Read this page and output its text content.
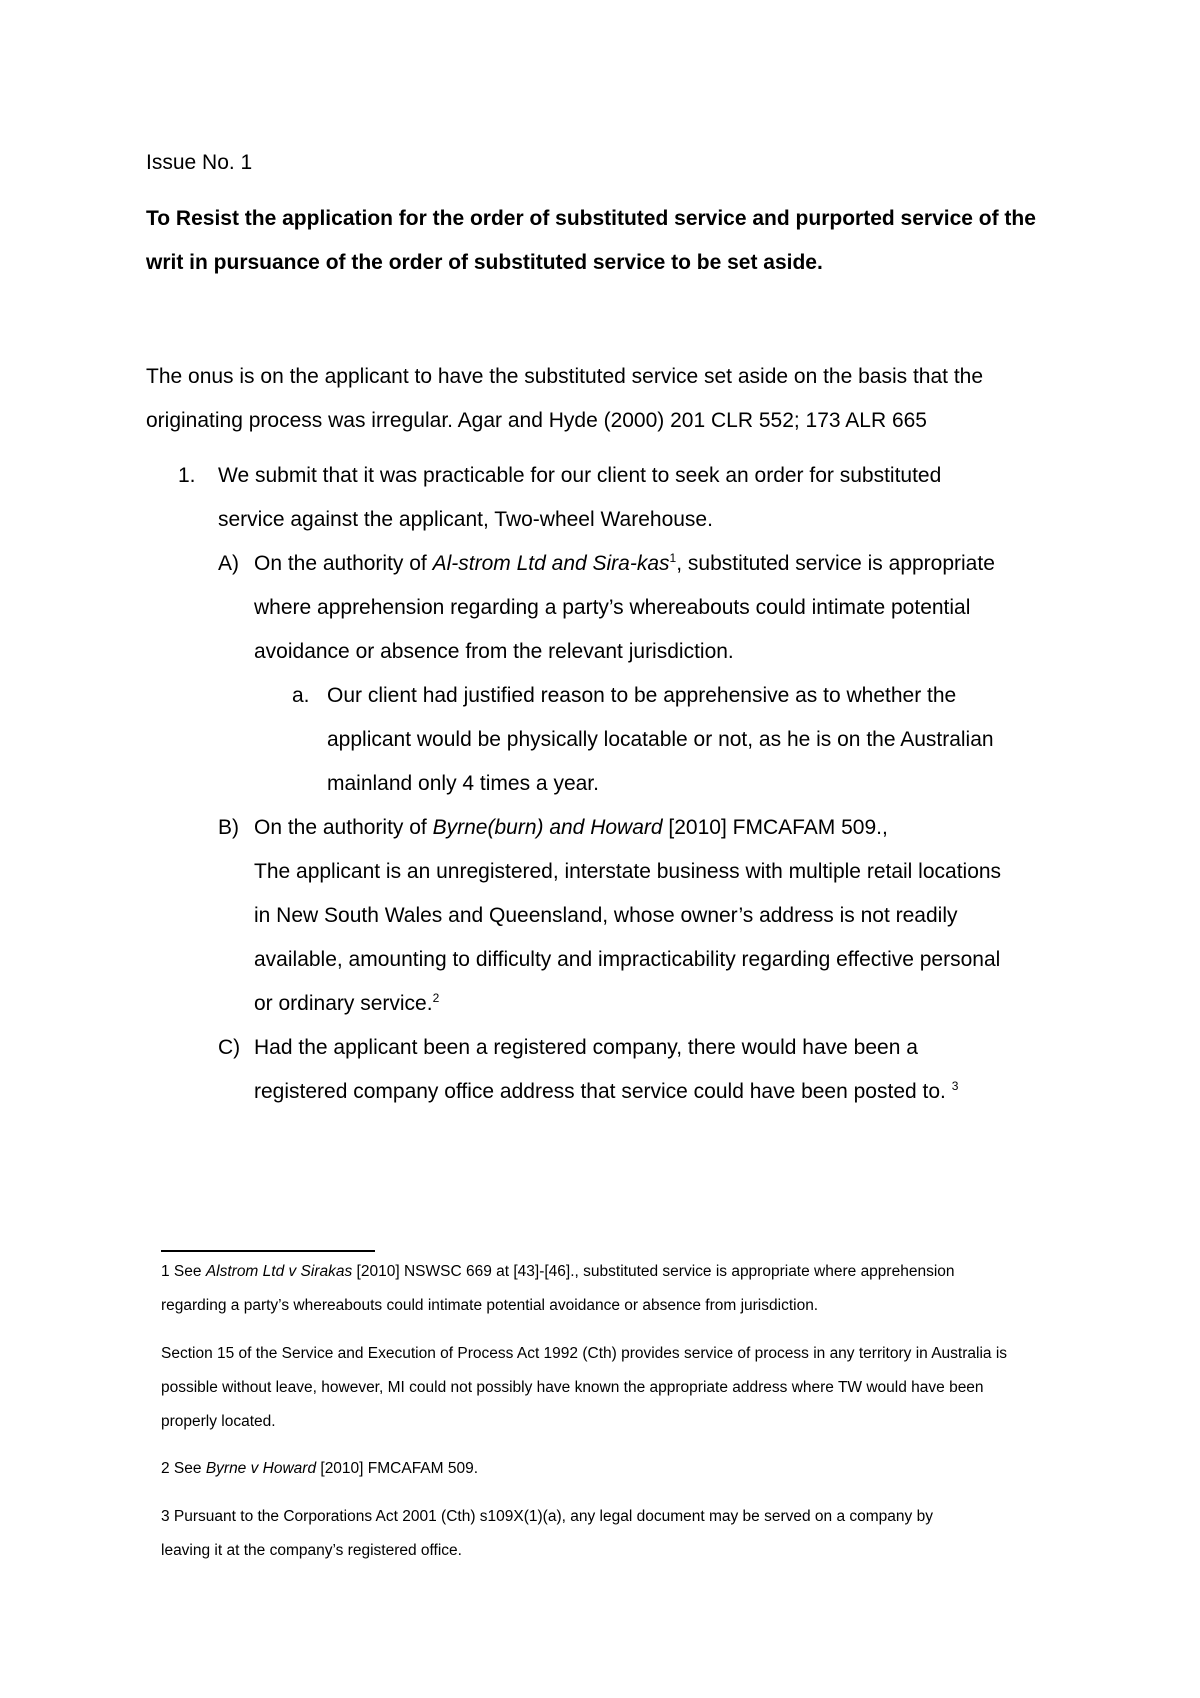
Issue No. 1
To Resist the application for the order of substituted service and purported service of the
writ in pursuance of the order of substituted service to be set aside.
The onus is on the applicant to have the substituted service set aside on the basis that the
originating process was irregular. Agar and Hyde (2000) 201 CLR 552; 173 ALR 665
1. We submit that it was practicable for our client to seek an order for substituted
service against the applicant, Two-wheel Warehouse.
A) On the authority of Al-strom Ltd and Sira-kas$^1$, substituted service is appropriate
where apprehension regarding a party’s whereabouts could intimate potential
avoidance or absence from the relevant jurisdiction.
a. Our client had justified reason to be apprehensive as to whether the
applicant would be physically locatable or not, as he is on the Australian
mainland only 4 times a year.
B) On the authority of Byrne(burn) and Howard [2010] FMCAFAM 509.,
The applicant is an unregistered, interstate business with multiple retail locations
in New South Wales and Queensland, whose owner’s address is not readily
available, amounting to difficulty and impracticability regarding effective personal
or ordinary service.$^2$
C) Had the applicant been a registered company, there would have been a
registered company office address that service could have been posted to. $^3$
1 See Alstrom Ltd v Sirakas [2010] NSWSC 669 at [43]-[46]., substituted service is appropriate where apprehension
regarding a party’s whereabouts could intimate potential avoidance or absence from jurisdiction.
Section 15 of the Service and Execution of Process Act 1992 (Cth) provides service of process in any territory in Australia is
possible without leave, however, MI could not possibly have known the appropriate address where TW would have been
properly located.
2 See Byrne v Howard [2010] FMCAFAM 509.
3 Pursuant to the Corporations Act 2001 (Cth) s109X(1)(a), any legal document may be served on a company by
leaving it at the company’s registered office.
